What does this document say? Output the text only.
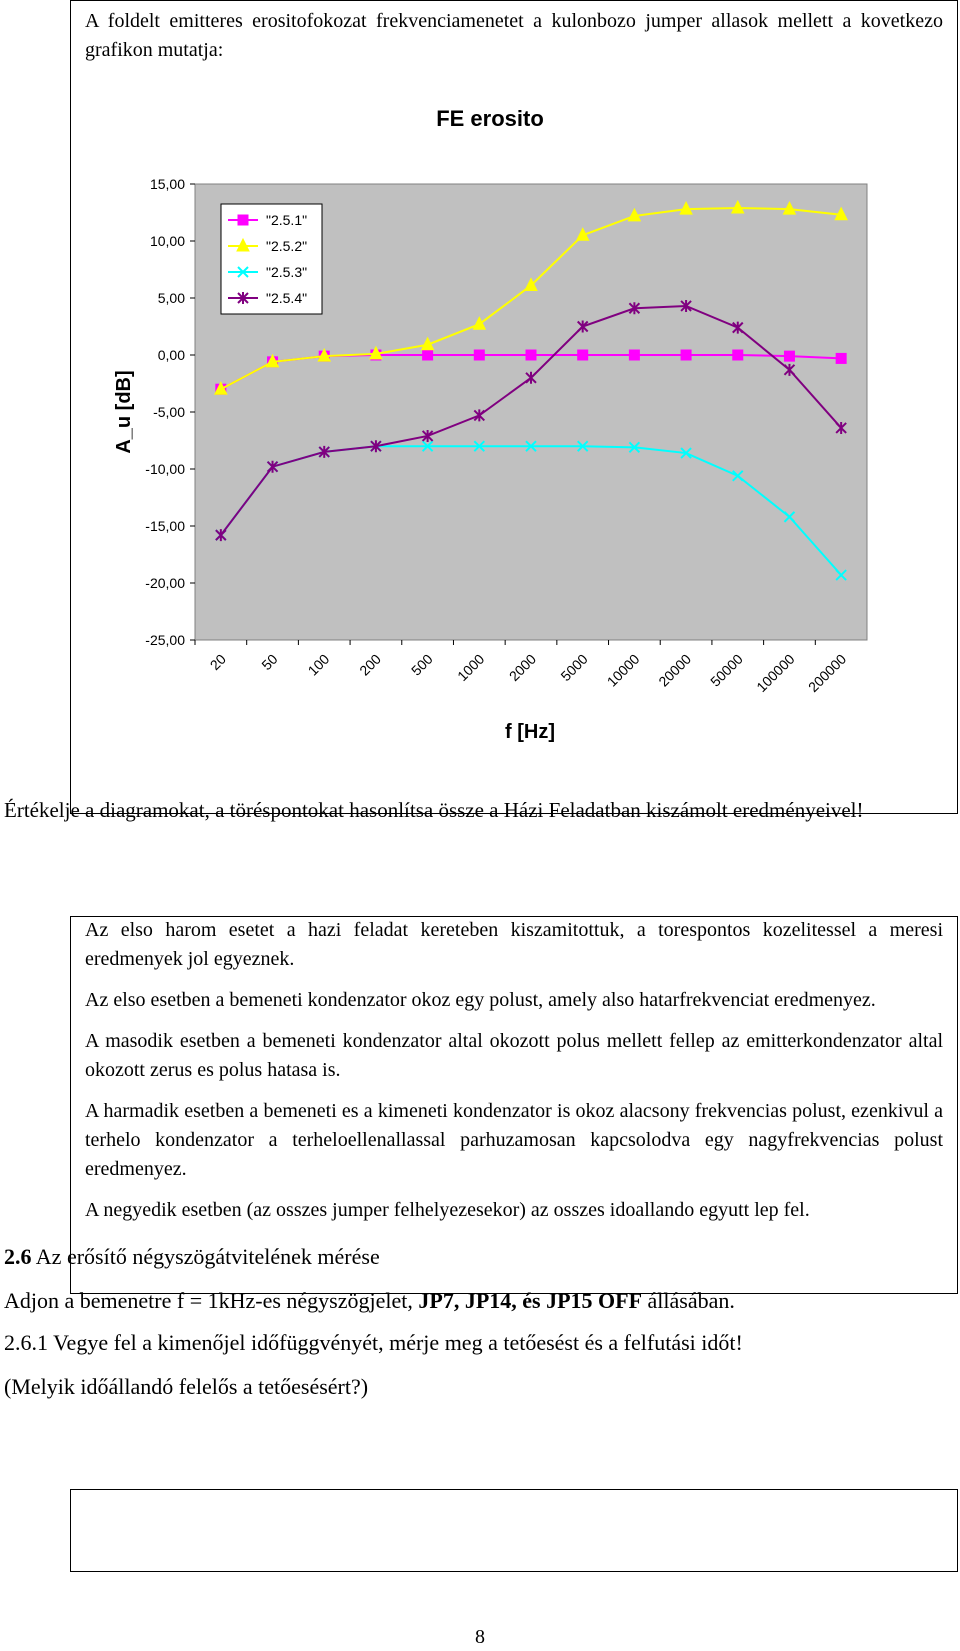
A foldelt emitteres erositofokozat frekvenciamenetet a kulonbozo jumper allasok mellett a kovetkezo grafikon mutatja:
FE erosito
f [Hz]
A_u [dB]
15,00
10,00
5,00
0,00
-5,00
-10,00
-15,00
-20,00
-25,00
20 50 100 200 500 1000 2000 5000 10000 20000 50000 100000 200000
"2.5.1"
"2.5.2"
"2.5.3"
"2.5.4"
Értékelje a diagramokat, a töréspontokat hasonlítsa össze a Házi Feladatban kiszámolt eredményeivel!

Az elso harom esetet a hazi feladat kereteben kiszamitottuk, a torespontos kozelitessel a meresi eredmenyek jol egyeznek.

Az elso esetben a bemeneti kondenzator okoz egy polust, amely also hatarfrekvenciat eredmenyez.

A masodik esetben a bemeneti kondenzator altal okozott polus mellett fellep az emitterkondenzator altal okozott zerus es polus hatasa is.

A harmadik esetben a bemeneti es a kimeneti kondenzator is okoz alacsony frekvencias polust, ezenkivul a terhelo kondenzator a terheloellenallassal parhuzamosan kapcsolodva egy nagyfrekvencias polust eredmenyez.

A negyedik esetben (az osszes jumper felhelyezesekor) az osszes idoallando egyutt lep fel.

2.6 Az erősítő négyszögátvitelének mérése
Adjon a bemenetre f = 1kHz-es négyszögjelet, JP7, JP14, és JP15 OFF állásában.
2.6.1 Vegye fel a kimenőjel időfüggvényét, mérje meg a tetőesést és a felfutási időt!
(Melyik időállandó felelős a tetőesésért?)
8
